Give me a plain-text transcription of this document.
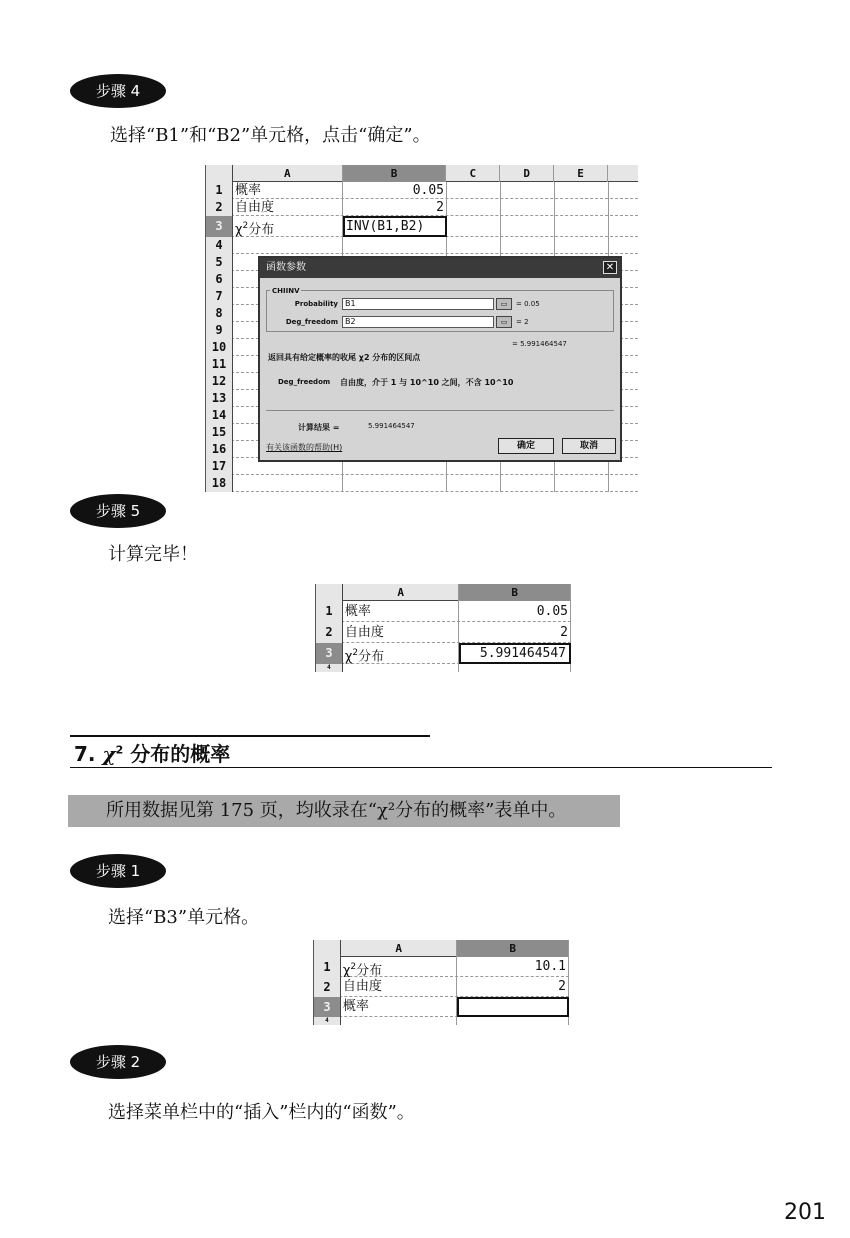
步骤 4
选择“B1”和“B2”单元格，点击“确定”。
A	B	C	D	E
1 概率	0.05
2 自由度	2
3 $\chi^2$分布	INV(B1,B2)
4
5
6
7
8
9
10
11
12
13
14
15
16
17
18
函数参数	✕
CHIINV
Probability B1	▭	= 0.05
Deg_freedom B2	▭	= 2
= 5.991464547
返回具有给定概率的收尾 χ2 分布的区间点
Deg_freedom 自由度，介于 1 与 10^10 之间，不含 10^10
计算结果 =	5.991464547
有关该函数的帮助(H)	确定	取消
步骤 5
计算完毕！
A	B
1 概率	0.05
2 自由度	2
3 $\chi^2$分布	5.991464547
4
7. $\chi^2$ 分布的概率
所用数据见第 175 页，均收录在“χ²分布的概率”表单中。
步骤 1
选择“B3”单元格。
A	B
1 $\chi^2$分布	10.1
2 自由度	2
3 概率
4
步骤 2
选择菜单栏中的“插入”栏内的“函数”。
201
